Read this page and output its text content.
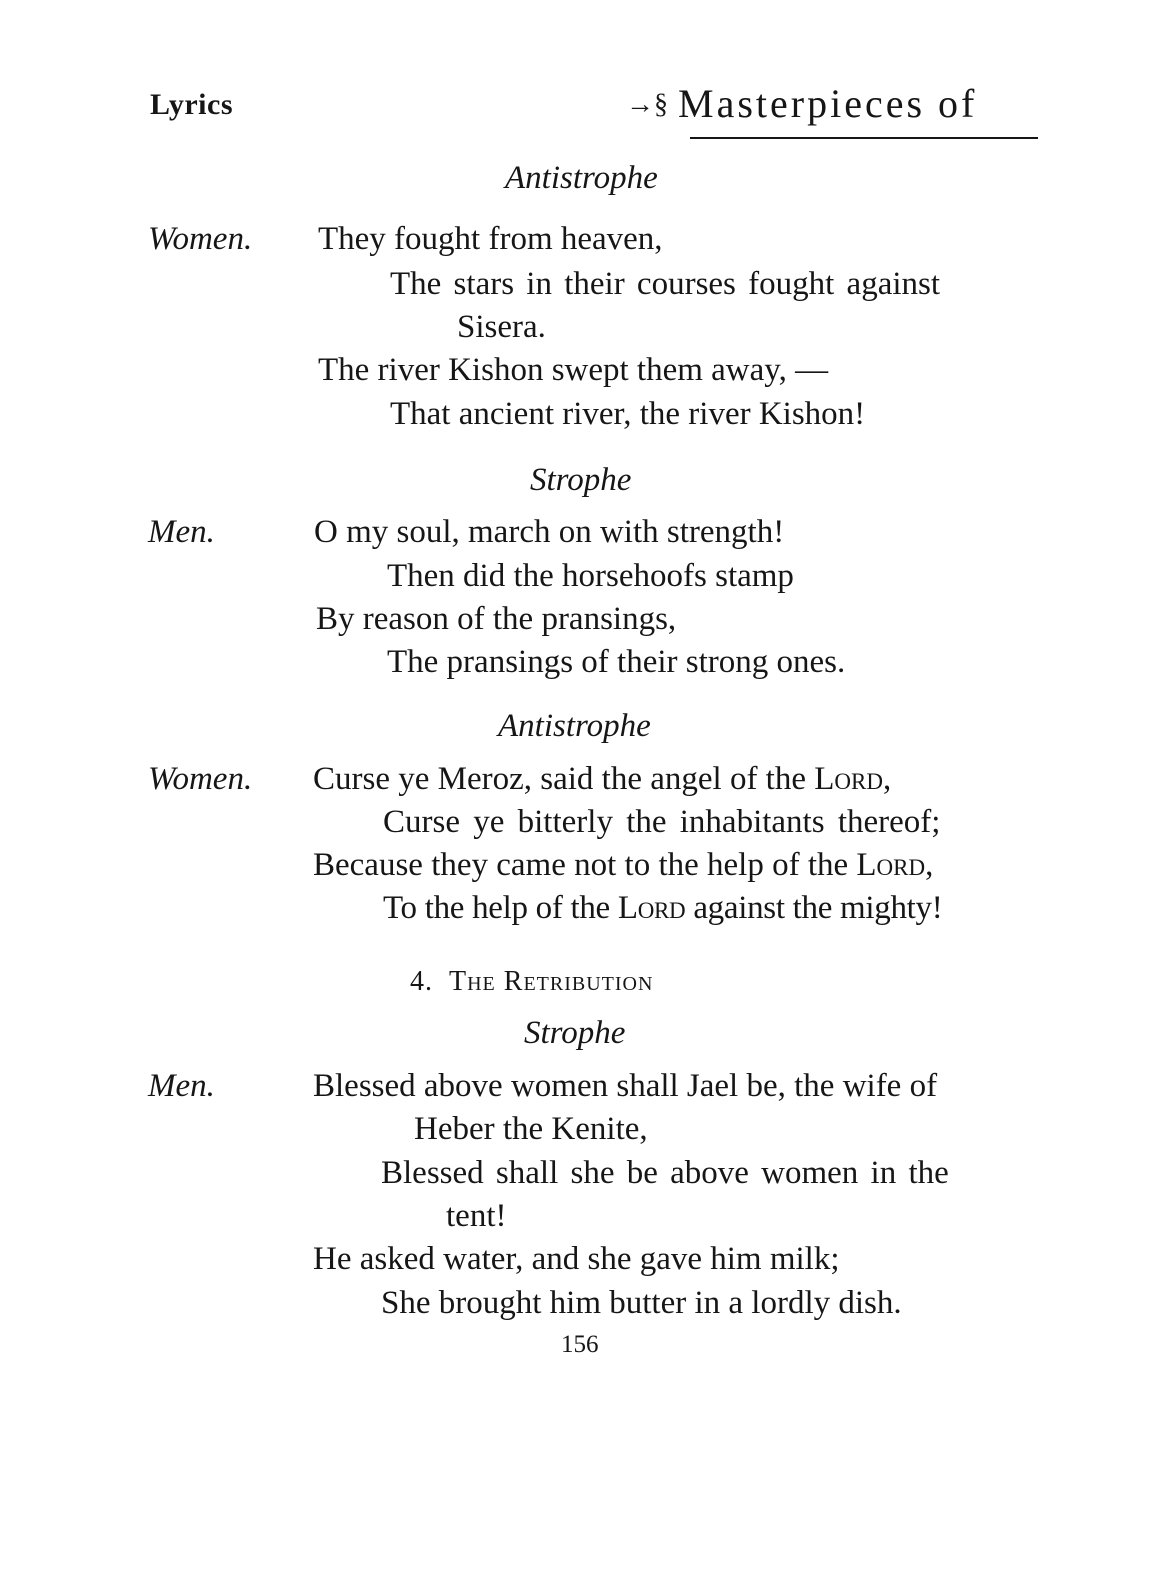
Lyrics	→§ Masterpieces of
Antistrophe
Women. They fought from heaven,
The stars in their courses fought against
Sisera.
The river Kishon swept them away, —
That ancient river, the river Kishon!
Strophe
Men.	O my soul, march on with strength!
Then did the horsehoofs stamp
By reason of the pransings,
The pransings of their strong ones.
Antistrophe
Women. Curse ye Meroz, said the angel of the Lord,
Curse ye bitterly the inhabitants thereof;
Because they came not to the help of the Lord,
To the help of the Lord against the mighty!
4. The Retribution
Strophe
Men.	Blessed above women shall Jael be, the wife of
Heber the Kenite,
Blessed shall she be above women in the
tent!
He asked water, and she gave him milk;
She brought him butter in a lordly dish.
156
